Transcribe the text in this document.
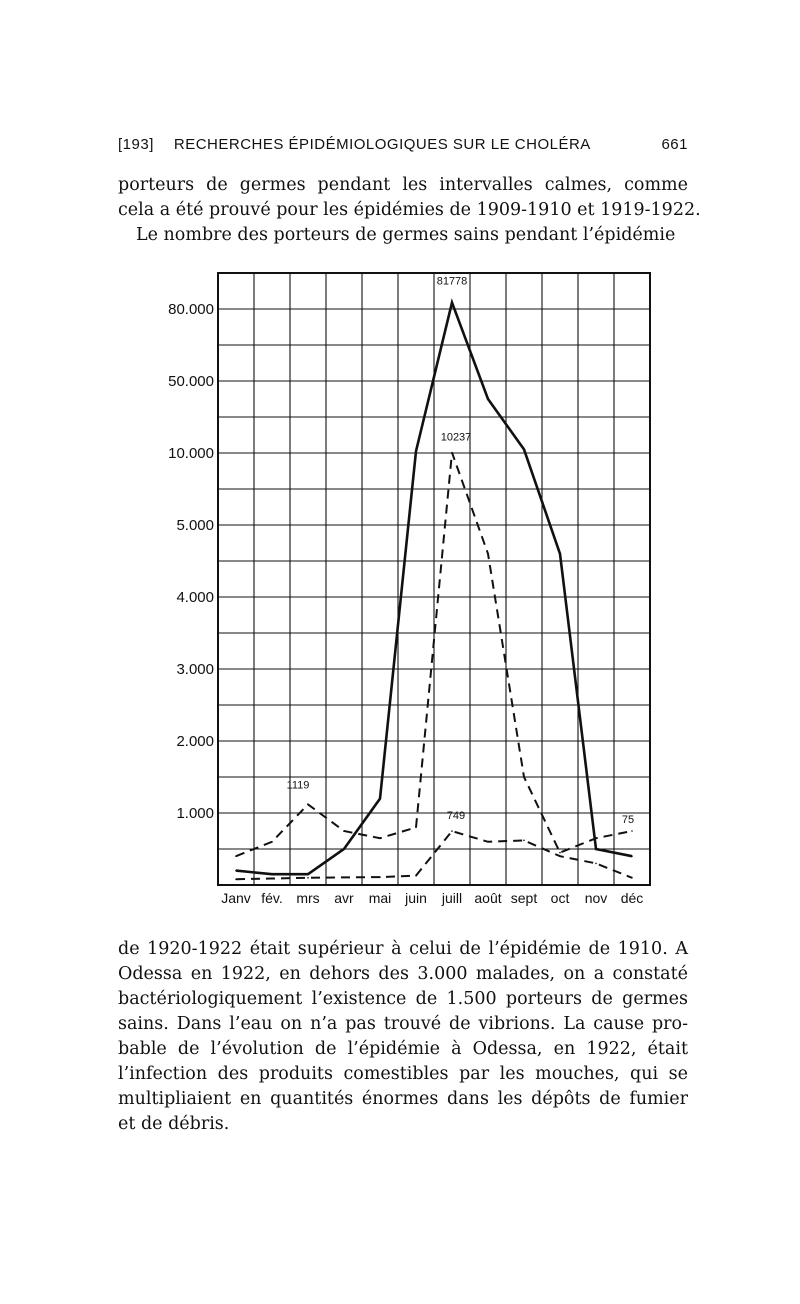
[193] RECHERCHES ÉPIDÉMIOLOGIQUES SUR LE CHOLÉRA	661

porteurs de germes pendant les intervalles calmes, comme
cela a été prouvé pour les épidémies de 1909-1910 et 1919-1922.
Le nombre des porteurs de germes sains pendant l’épidémie

80.000
50.000
10.000
5.000
4.000
3.000
2.000
1.000
Janv fév. mrs avr mai juin juill août sept oct nov déc
81778
10237
1119
749	75

de 1920-1922 était supérieur à celui de l’épidémie de 1910. A
Odessa en 1922, en dehors des 3.000 malades, on a constaté
bactériologiquement l’existence de 1.500 porteurs de germes
sains. Dans l’eau on n’a pas trouvé de vibrions. La cause pro-
bable de l’évolution de l’épidémie à Odessa, en 1922, était
l’infection des produits comestibles par les mouches, qui se
multipliaient en quantités énormes dans les dépôts de fumier
et de débris.
